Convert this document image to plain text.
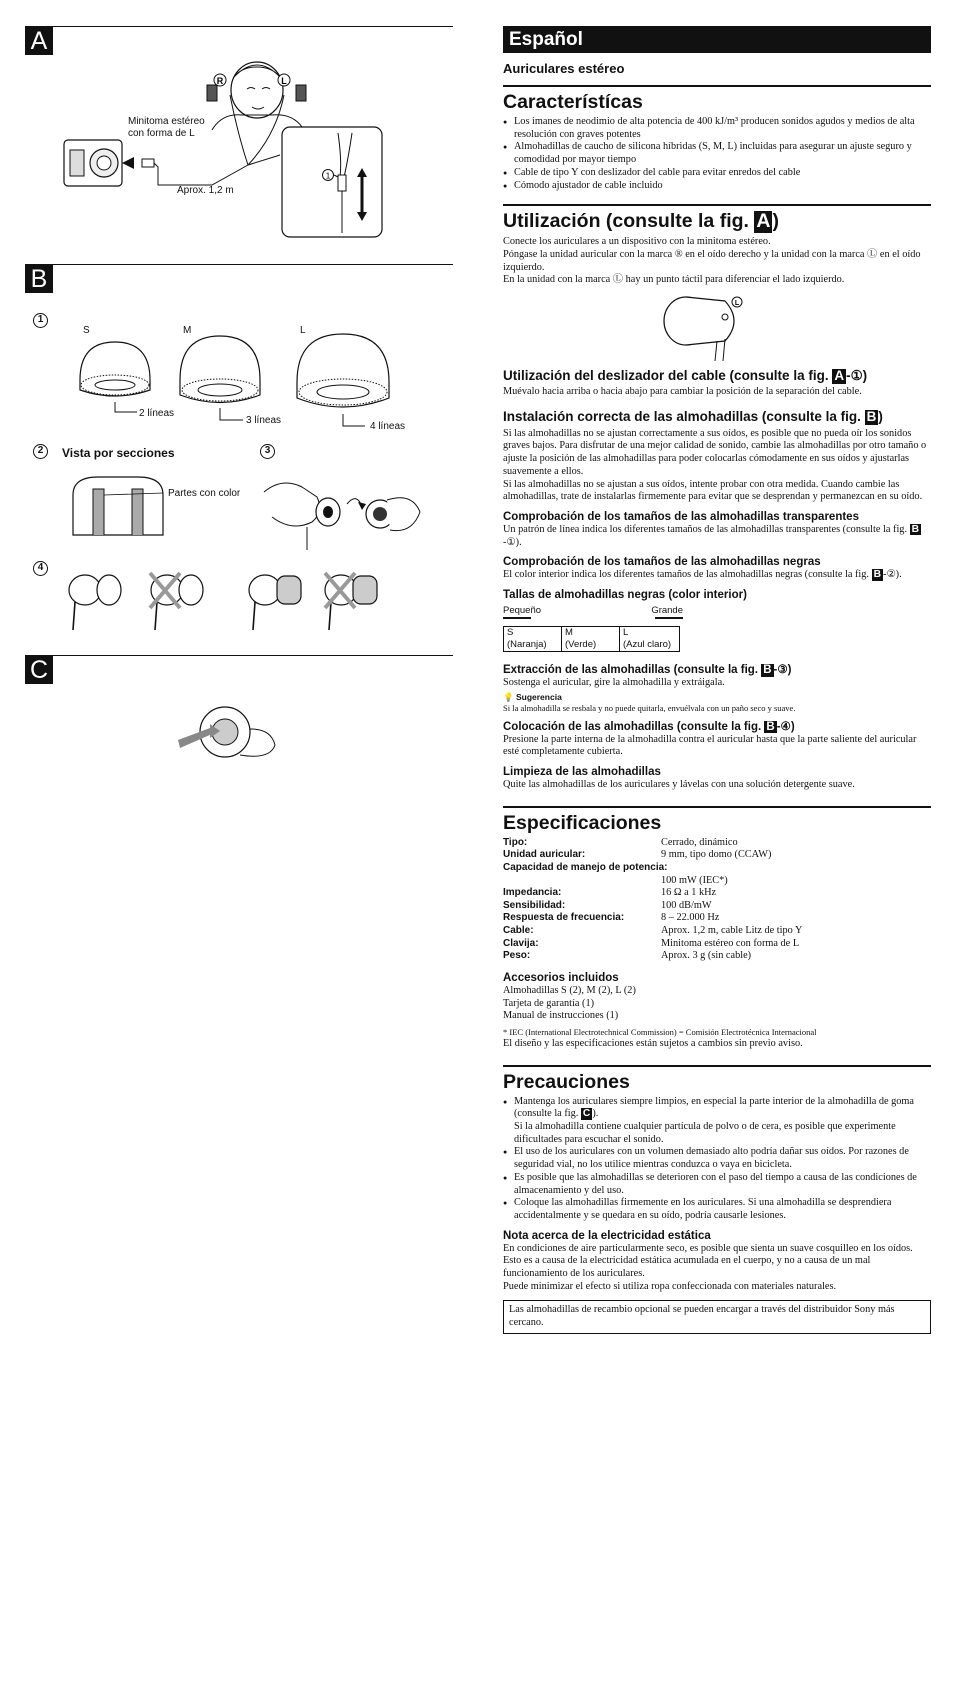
A
R	L
1
Minitoma estéreo
con forma de L
Aprox. 1,2 m
B
1
S	M	L
2 líneas
3 líneas
4 líneas
2	Vista por secciones	3
Partes con color
4
C
Español
Auriculares estéreo
Característícas
● Los imanes de neodimio de alta potencia de 400 kJ/m³ producen sonidos agudos y medios de alta resolución con graves potentes
● Almohadillas de caucho de silicona híbridas (S, M, L) incluidas para asegurar un ajuste seguro y comodidad por mayor tiempo
● Cable de tipo Y con deslizador del cable para evitar enredos del cable
● Cómodo ajustador de cable incluido
Utilización (consulte la fig. A )
Conecte los auriculares a un dispositivo con la minitoma estéreo.
Póngase la unidad auricular con la marca ® en el oído derecho y la unidad con la marca Ⓛ en el oído izquierdo.
En la unidad con la marca Ⓛ hay un punto táctil para diferenciar el lado izquierdo.
L
Utilización del deslizador del cable (consulte la fig. A -①)
Muévalo hacia arriba o hacia abajo para cambiar la posición de la separación del cable.
Instalación correcta de las almohadillas (consulte la fig. B )
Si las almohadillas no se ajustan correctamente a sus oídos, es posible que no pueda oír los sonidos graves bajos. Para disfrutar de una mejor calidad de sonido, cambie las almohadillas por otro tamaño o ajuste la posición de las almohadillas para poder colocarlas cómodamente en sus oídos y ajustarlas suavemente a ellos.
Si las almohadillas no se ajustan a sus oídos, intente probar con otra medida. Cuando cambie las almohadillas, trate de instalarlas firmemente para evitar que se desprendan y permanezcan en su oído.
Comprobación de los tamaños de las almohadillas transparentes
Un patrón de línea indica los diferentes tamaños de las almohadillas transparentes (consulte la fig. B-①).
Comprobación de los tamaños de las almohadillas negras
El color interior indica los diferentes tamaños de las almohadillas negras (consulte la fig. B -②).
Tallas de almohadillas negras (color interior)
Pequeño	Grande
S
(Naranja)

M
(Verde)

L
(Azul claro)
Extracción de las almohadillas (consulte la fig. B -③)
Sostenga el auricular, gire la almohadilla y extráigala.
💡 Sugerencia
Si la almohadilla se resbala y no puede quitarla, envuélvala con un paño seco y suave.
Colocación de las almohadillas (consulte la fig. B -④)
Presione la parte interna de la almohadilla contra el auricular hasta que la parte saliente del auricular esté completamente cubierta.
Limpieza de las almohadillas
Quite las almohadillas de los auriculares y lávelas con una solución detergente suave.
Especificaciones
Tipo:	Cerrado, dinámico
Unidad auricular:	9 mm, tipo domo (CCAW)
Capacidad de manejo de potencia:
100 mW (IEC*)
Impedancia:	16 Ω a 1 kHz
Sensibilidad:	100 dB/mW
Respuesta de frecuencia:	8 – 22.000 Hz
Cable:	Aprox. 1,2 m, cable Litz de tipo Y
Clavija:	Minitoma estéreo con forma de L
Peso:	Aprox. 3 g (sin cable)
Accesorios incluidos
Almohadillas S (2), M (2), L (2)
Tarjeta de garantía (1)
Manual de instrucciones (1)
* IEC (International Electrotechnical Commission) = Comisión Electrotécnica Internacional
El diseño y las especificaciones están sujetos a cambios sin previo aviso.
Precauciones
● Mantenga los auriculares siempre limpios, en especial la parte interior de la almohadilla de goma (consulte la fig. C ).
Si la almohadilla contiene cualquier partícula de polvo o de cera, es posible que experimente dificultades para escuchar el sonido.
● El uso de los auriculares con un volumen demasiado alto podría dañar sus oídos. Por razones de seguridad vial, no los utilice mientras conduzca o vaya en bicicleta.
● Es posible que las almohadillas se deterioren con el paso del tiempo a causa de las condiciones de almacenamiento y del uso.
● Coloque las almohadillas firmemente en los auriculares. Si una almohadilla se desprendiera accidentalmente y se quedara en su oído, podría causarle lesiones.
Nota acerca de la electricidad estática
En condiciones de aire particularmente seco, es posible que sienta un suave cosquilleo en los oídos. Esto es a causa de la electricidad estática acumulada en el cuerpo, y no a causa de un mal funcionamiento de los auriculares.
Puede minimizar el efecto si utiliza ropa confeccionada con materiales naturales.
Las almohadillas de recambio opcional se pueden encargar a través del distribuidor Sony más cercano.
